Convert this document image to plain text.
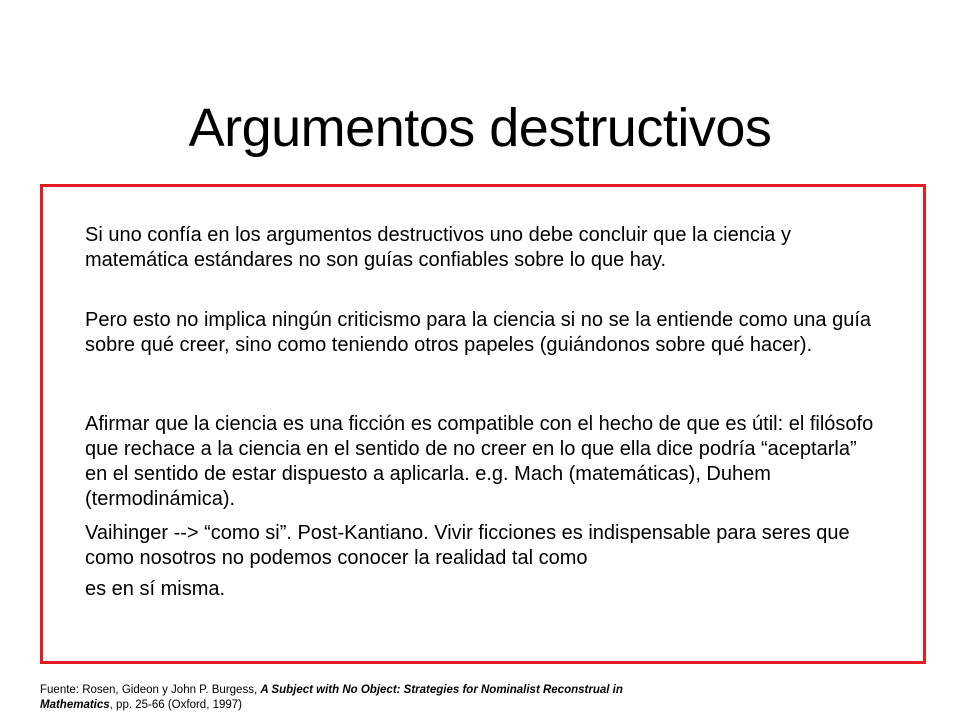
Argumentos destructivos

Si uno confía en los argumentos destructivos uno debe concluir que la ciencia y matemática estándares no son guías confiables sobre lo que hay.

Pero esto no implica ningún criticismo para la ciencia si no se la entiende como una guía sobre qué creer, sino como teniendo otros papeles (guiándonos sobre qué hacer).

Afirmar que la ciencia es una ficción es compatible con el hecho de que es útil: el filósofo que rechace a la ciencia en el sentido de no creer en lo que ella dice podría “aceptarla” en el sentido de estar dispuesto a aplicarla. e.g. Mach (matemáticas), Duhem (termodinámica).

Vaihinger --> “como si”. Post-Kantiano. Vivir ficciones es indispensable para seres que como nosotros no podemos conocer la realidad tal como
es en sí misma.

Fuente: Rosen, Gideon y John P. Burgess, A Subject with No Object: Strategies for Nominalist Reconstrual in Mathematics, pp. 25-66 (Oxford, 1997)
